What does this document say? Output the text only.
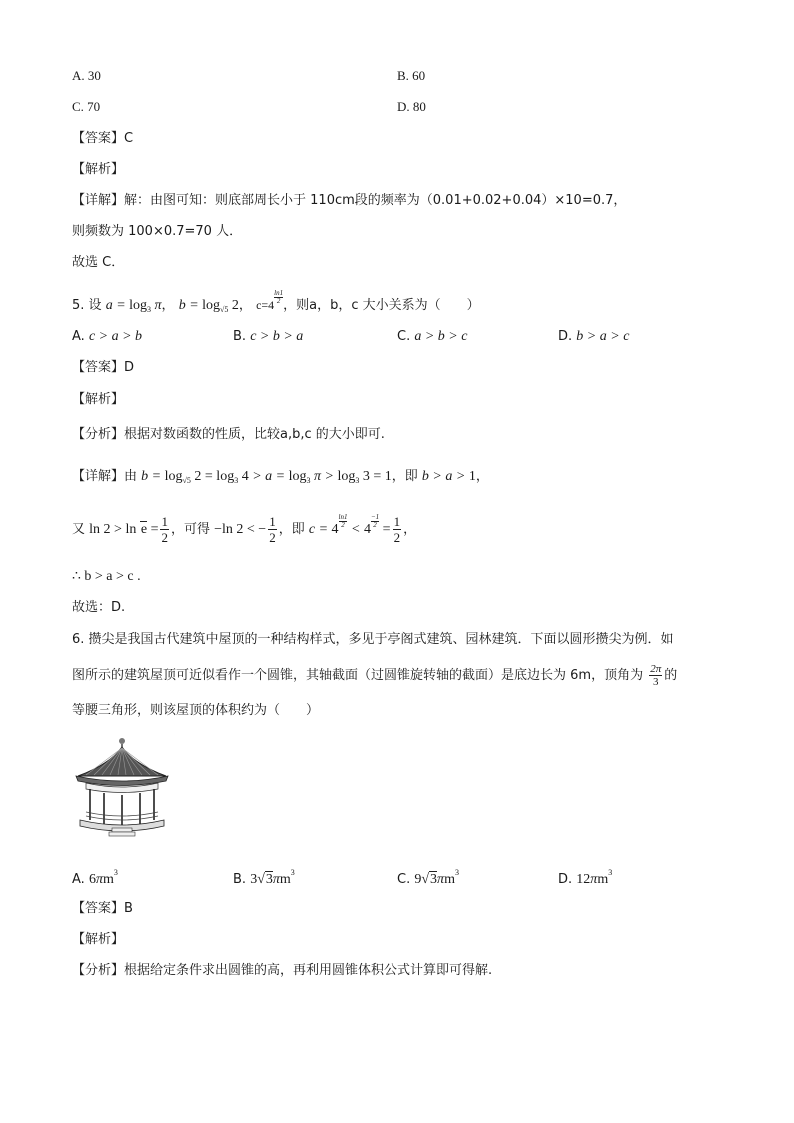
A. 30	B. 60
C. 70	D. 80
【答案】C
【解析】
【详解】解：由图可知：则底部周长小于 110cm段的频率为（0.01+0.02+0.04）×10=0.7，
则频数为 100×0.7=70 人．
故选 C．
5. 设 $a = \log_3 \pi$， $b = \log_{√5} 2$， $c=4 \frac{\ln 1}{2}$
，则a，b，c 大小关系为（　　）
A. c > a > b	B. c > b > a	C. a > b > c	D. b > a > c
【答案】D
【解析】
【分析】根据对数函数的性质，比较a,b,c 的大小即可.
【详解】由 $b = \log_{√5} 2 = \log_3 4 > a = \log_3 \pi > \log_3 3 = 1$，即 b > a > 1，
又 $\ln 2 > \ln e = \frac{1}{2}$ ，可得 −ln 2 < − $\frac{1}{2}$ ，即 c = 4
$\frac{\ln 1}{2}$
< 4
$\frac{-1}{2}$
= $\frac{1}{2}$ ，
∴ b > a > c .
故选：D.
6. 攒尖是我国古代建筑中屋顶的一种结构样式，多见于亭阁式建筑、园林建筑．下面以圆形攒尖为例．如
图所示的建筑屋顶可近似看作一个圆锥，其轴截面（过圆锥旋转轴的截面）是底边长为 6m，顶角为 $\frac{2\pi}{3}$ 的
等腰三角形，则该屋顶的体积约为（　　）
A. $6\pi m^3$	B. $3√3\pi m^3$	C. $9√3\pi m^3$	D. $12\pi m^3$
【答案】B
【解析】
【分析】根据给定条件求出圆锥的高，再利用圆锥体积公式计算即可得解.
